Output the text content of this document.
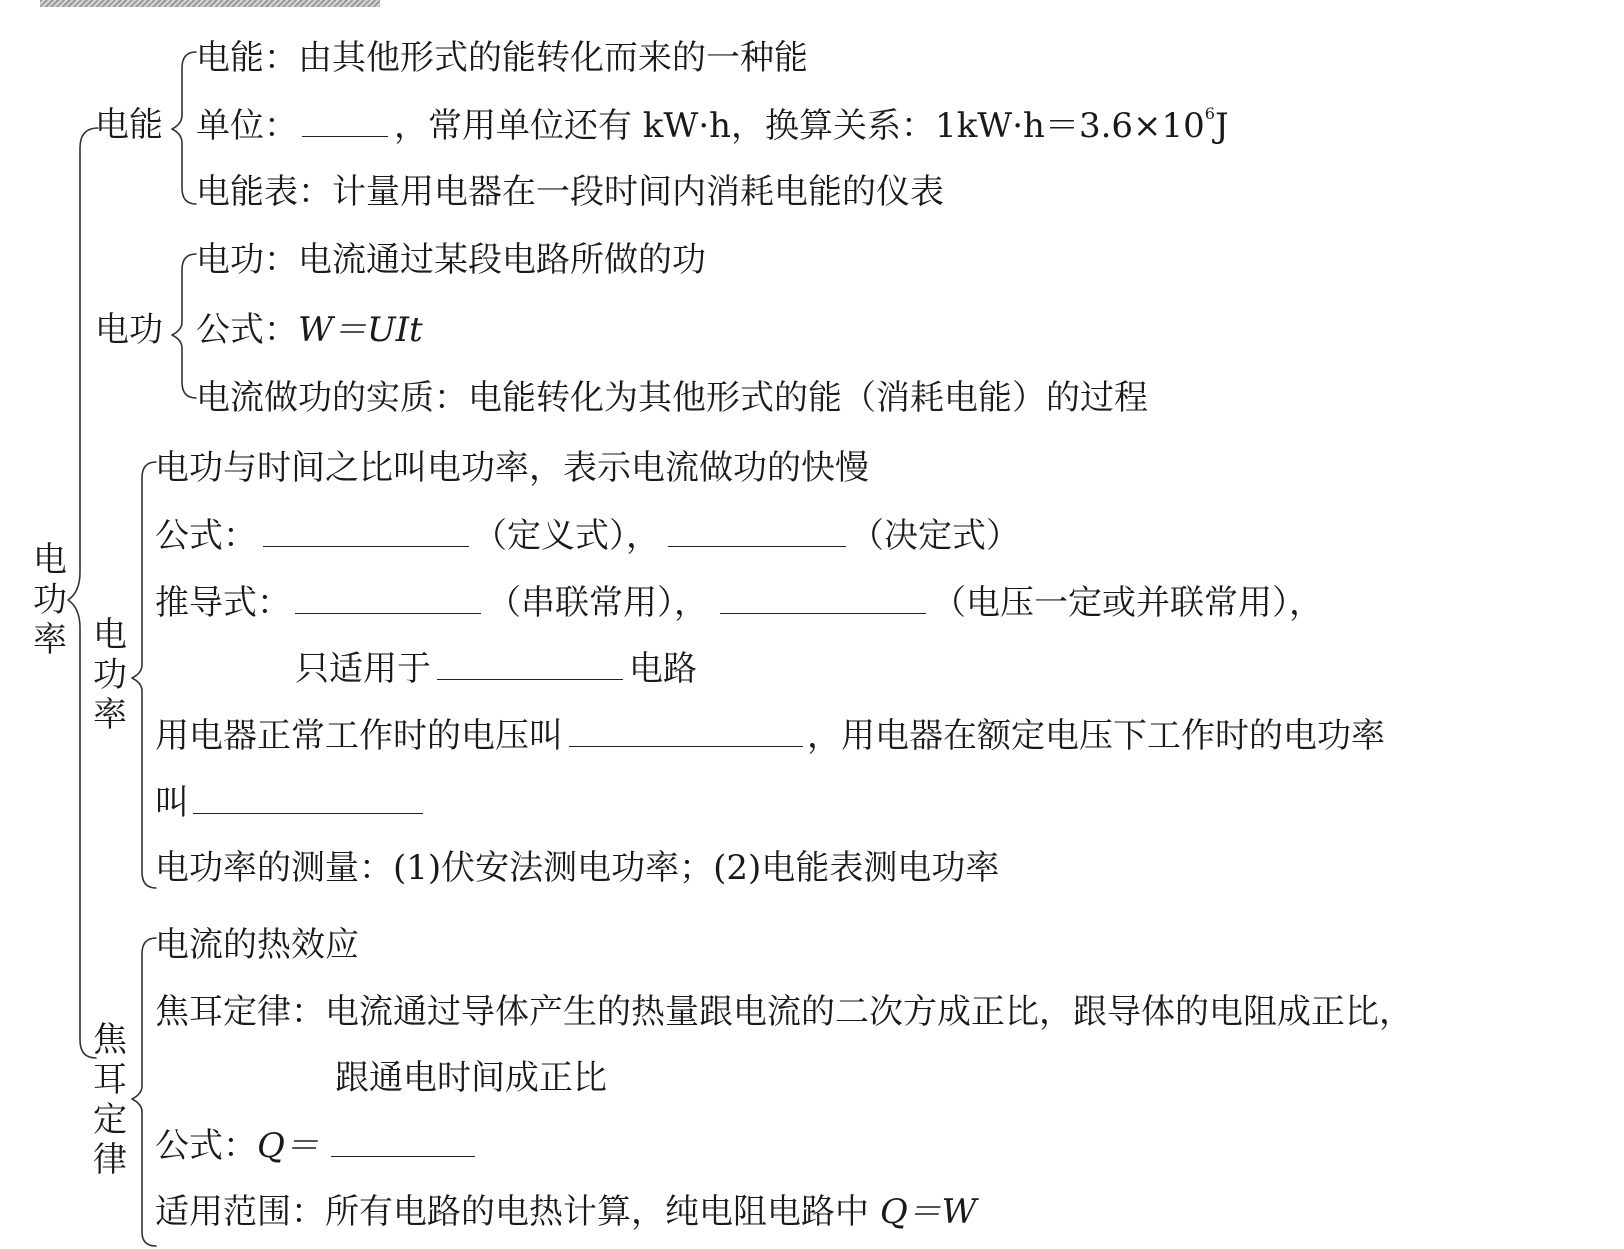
电
功
率
电能
电能：由其他形式的能转化而来的一种能
单位：	，常用单位还有 kW·h，换算关系：$1kW\cdot h=3.6\times 10^6J$
电能表：计量用电器在一段时间内消耗电能的仪表
电功
电功：电流通过某段电路所做的功
公式：W＝UIt
电流做功的实质：电能转化为其他形式的能（消耗电能）的过程
电
功
率
电功与时间之比叫电功率，表示电流做功的快慢
公式：	（定义式），	（决定式）
推导式：	（串联常用），	（电压一定或并联常用），
只适用于	电路
用电器正常工作时的电压叫	，用电器在额定电压下工作时的电功率
叫
电功率的测量：(1)伏安法测电功率；(2)电能表测电功率
焦
耳
定
律
电流的热效应
焦耳定律：电流通过导体产生的热量跟电流的二次方成正比，跟导体的电阻成正比，
跟通电时间成正比
公式：Q＝
适用范围：所有电路的电热计算，纯电阻电路中 Q＝W
